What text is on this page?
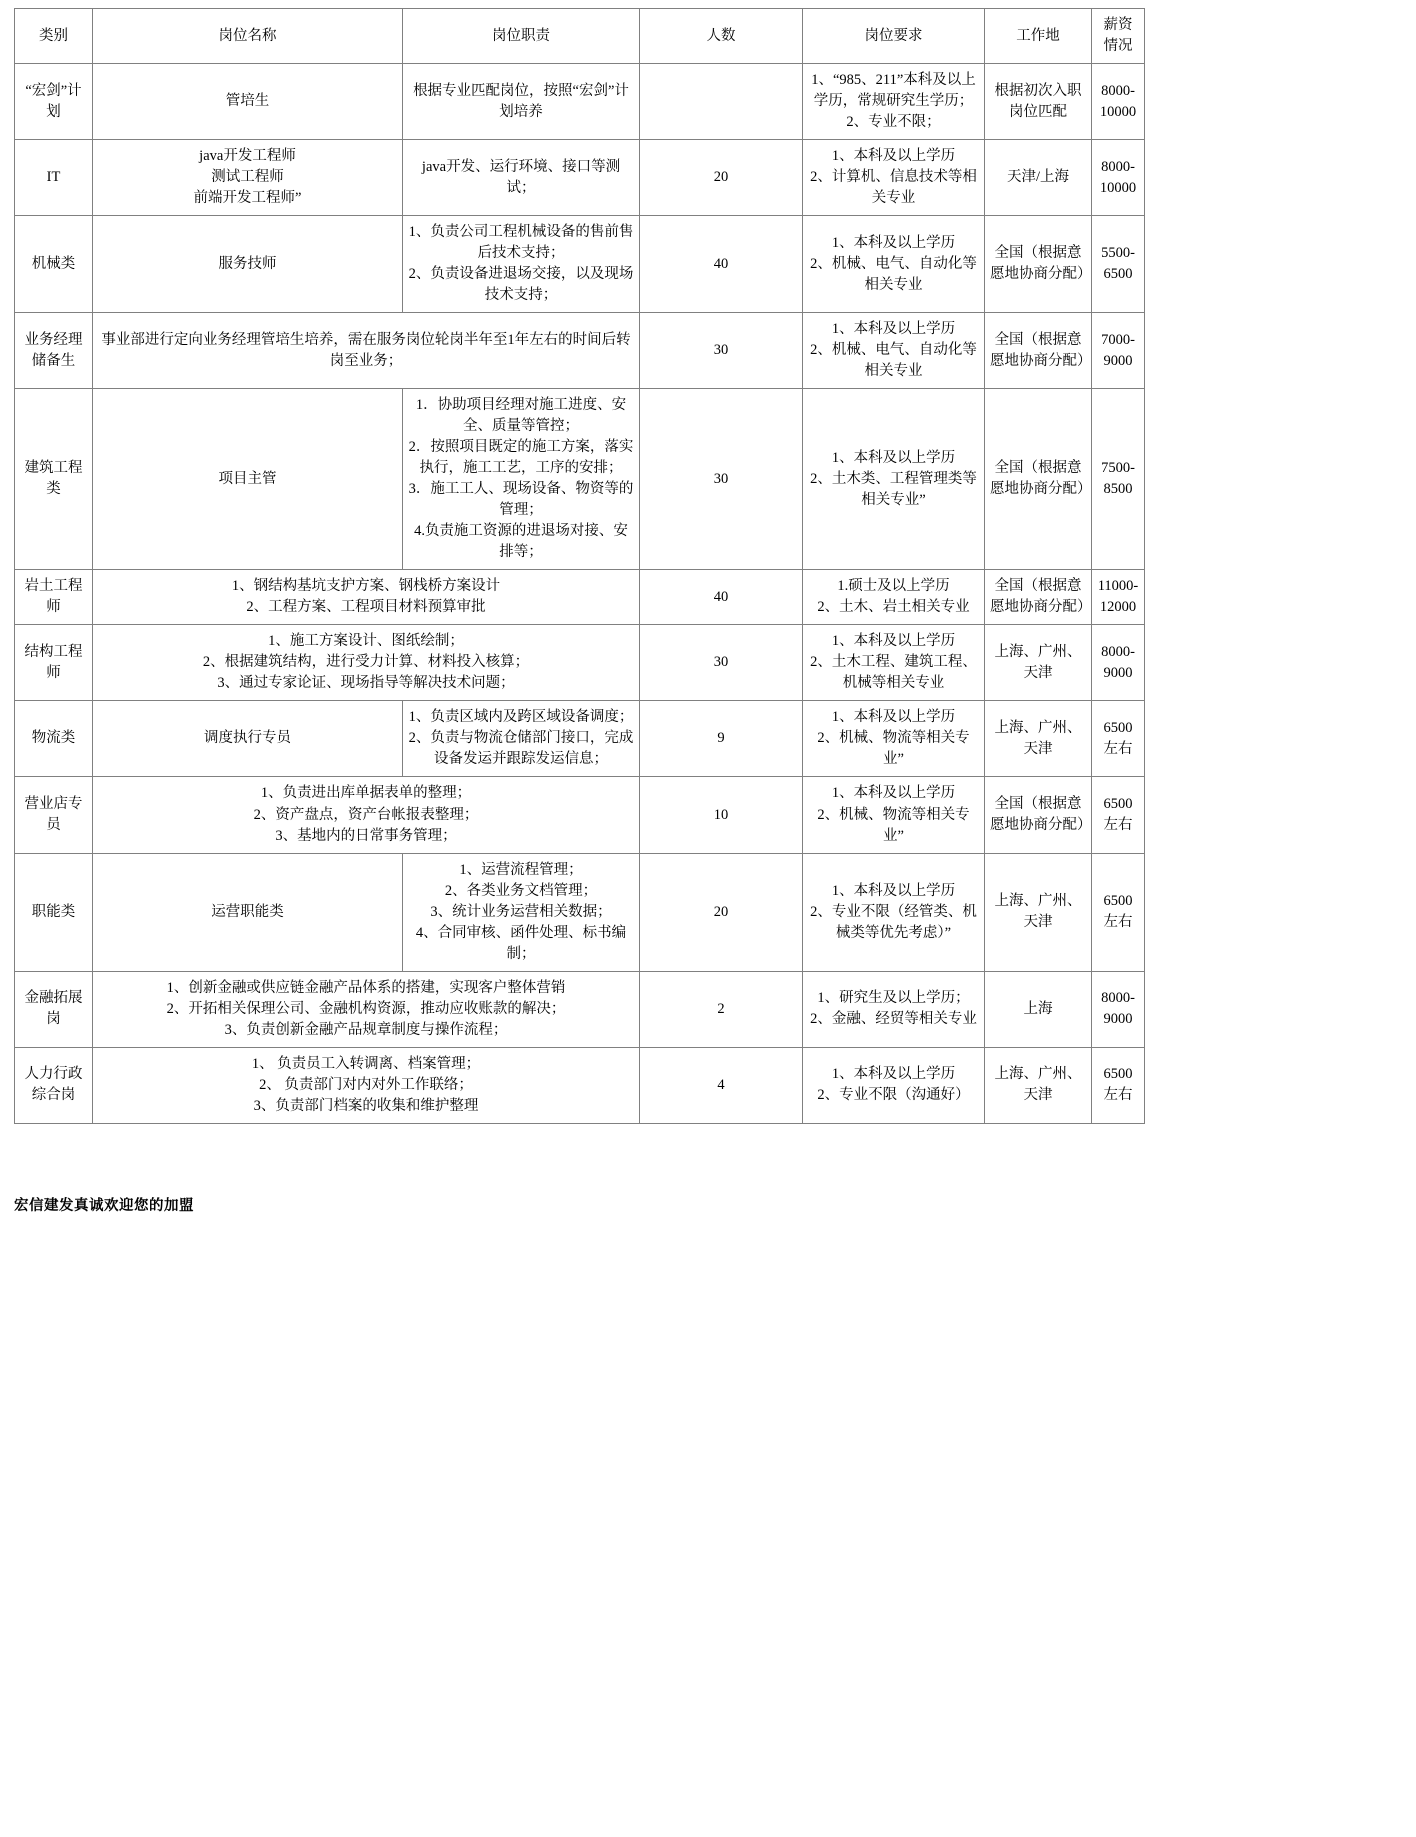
类别	岗位名称	岗位职责	人数	岗位要求	工作地	薪资情况	

“宏剑”计划	管培生	根据专业匹配岗位，按照“宏剑”计划培养		1、“985、211”本科及以上学历，常规研究生学历；
2、专业不限；	根据初次入职岗位匹配	8000-10000	

IT	java开发工程师
测试工程师
前端开发工程师”	java开发、运行环境、接口等测试；	20	1、本科及以上学历
2、计算机、信息技术等相关专业	天津/上海	8000-10000	

机械类	服务技师	1、负责公司工程机械设备的售前售后技术支持；
2、负责设备进退场交接，以及现场技术支持；	40	1、本科及以上学历
2、机械、电气、自动化等相关专业	全国（根据意愿地协商分配）	5500-6500	

业务经理储备生	事业部进行定向业务经理管培生培养，需在服务岗位轮岗半年至1年左右的时间后转岗至业务；		30	1、本科及以上学历
2、机械、电气、自动化等相关专业	全国（根据意愿地协商分配）	7000-9000	

建筑工程类	项目主管	1．协助项目经理对施工进度、安全、质量等管控；
2．按照项目既定的施工方案，落实执行，施工工艺，工序的安排；
3．施工工人、现场设备、物资等的管理；
4.负责施工资源的进退场对接、安排等；	30	1、本科及以上学历
2、土木类、工程管理类等相关专业”	全国（根据意愿地协商分配）	7500-8500	

岩土工程师	1、钢结构基坑支护方案、钢栈桥方案设计
2、工程方案、工程项目材料预算审批		40	1.硕士及以上学历
2、土木、岩土相关专业	全国（根据意愿地协商分配）	11000-12000	

结构工程师	1、施工方案设计、图纸绘制；
2、根据建筑结构，进行受力计算、材料投入核算；
3、通过专家论证、现场指导等解决技术问题；		30	1、本科及以上学历
2、土木工程、建筑工程、机械等相关专业	上海、广州、天津	8000-9000	

物流类	调度执行专员	1、负责区域内及跨区域设备调度；
2、负责与物流仓储部门接口，完成设备发运并跟踪发运信息；	9	1、本科及以上学历
2、机械、物流等相关专业”	上海、广州、天津	6500左右	

营业店专员	1、负责进出库单据表单的整理；
2、资产盘点，资产台帐报表整理；
3、基地内的日常事务管理；		10	1、本科及以上学历
2、机械、物流等相关专业”	全国（根据意愿地协商分配）	6500左右	

职能类	运营职能类	1、运营流程管理；
2、各类业务文档管理；
3、统计业务运营相关数据；
4、合同审核、函件处理、标书编制；	20	1、本科及以上学历
2、专业不限（经管类、机械类等优先考虑）”	上海、广州、天津	6500左右	

金融拓展岗	1、创新金融或供应链金融产品体系的搭建，实现客户整体营销
2、开拓相关保理公司、金融机构资源，推动应收账款的解决；
3、负责创新金融产品规章制度与操作流程；		2	1、研究生及以上学历；
2、金融、经贸等相关专业	上海	8000-9000	

人力行政综合岗	1、 负责员工入转调离、档案管理；
2、 负责部门对内对外工作联络；
3、负责部门档案的收集和维护整理		4	1、本科及以上学历
2、专业不限（沟通好）	上海、广州、天津	6500左右	

宏信建发真诚欢迎您的加盟
